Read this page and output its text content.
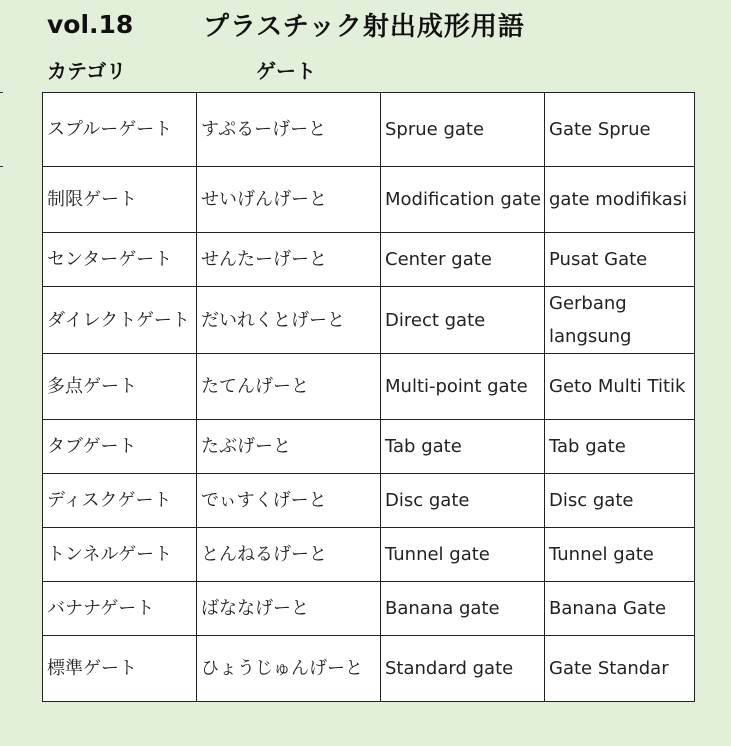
vol.18	プラスチック射出成形用語
カテゴリ	ゲート
スプルーゲート	すぷるーげーと	Sprue gate	Gate Sprue
制限ゲート	せいげんげーと	Modification gate	gate modifikasi
センターゲート	せんたーげーと	Center gate	Pusat Gate
ダイレクトゲート	だいれくとげーと	Direct gate	Gerbang langsung
多点ゲート	たてんげーと	Multi-point gate	Geto Multi Titik
タブゲート	たぶげーと	Tab gate	Tab gate
ディスクゲート	でぃすくげーと	Disc gate	Disc gate
トンネルゲート	とんねるげーと	Tunnel gate	Tunnel gate
バナナゲート	ばななげーと	Banana gate	Banana Gate
標準ゲート	ひょうじゅんげーと	Standard gate	Gate Standar
